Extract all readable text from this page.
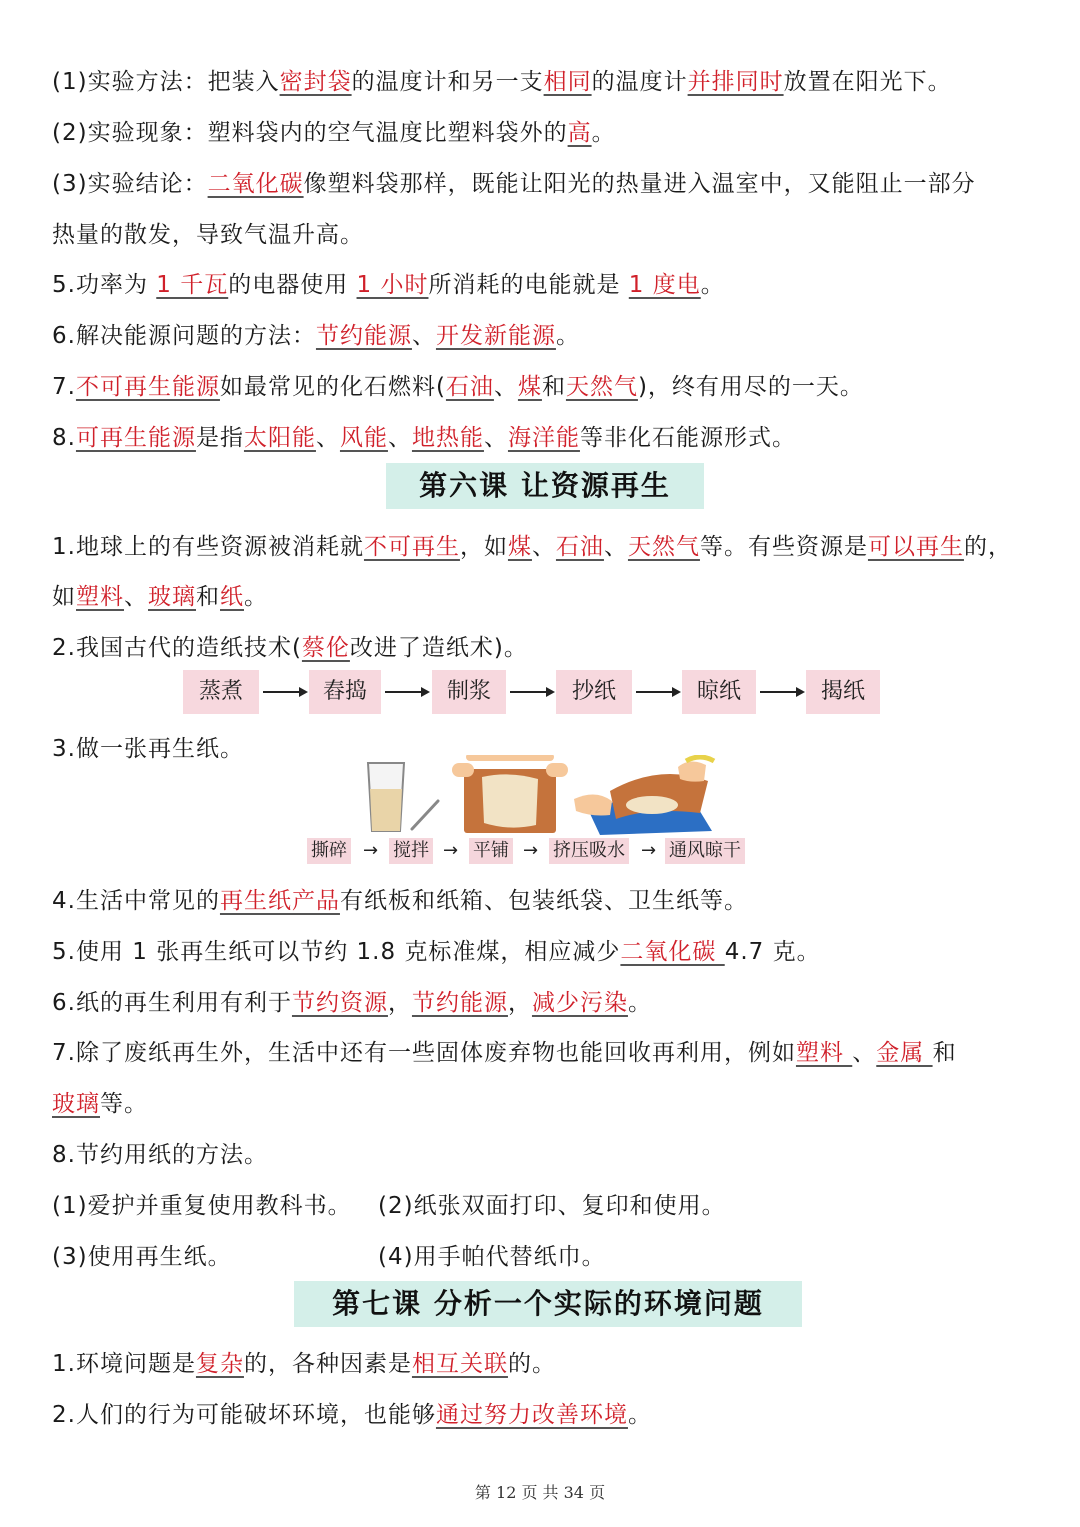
(1)实验方法：把装入密封袋的温度计和另一支相同的温度计并排同时放置在阳光下。
(2)实验现象：塑料袋内的空气温度比塑料袋外的高。
(3)实验结论：二氧化碳像塑料袋那样，既能让阳光的热量进入温室中，又能阻止一部分
热量的散发，导致气温升高。
5.功率为 1 千瓦的电器使用 1 小时所消耗的电能就是 1 度电。
6.解决能源问题的方法：节约能源、开发新能源。
7.不可再生能源如最常见的化石燃料(石油、煤和天然气)，终有用尽的一天。
8.可再生能源是指太阳能、风能、地热能、海洋能等非化石能源形式。
第六课 让资源再生
1.地球上的有些资源被消耗就不可再生，如煤、石油、天然气等。有些资源是可以再生的，
如塑料、玻璃和纸。
2.我国古代的造纸技术(蔡伦改进了造纸术)。
蒸煮	舂捣	制浆	抄纸	晾纸	揭纸
3.做一张再生纸。
撕碎 → 搅拌 → 平铺 → 挤压吸水 → 通风晾干
4.生活中常见的再生纸产品有纸板和纸箱、包装纸袋、卫生纸等。
5.使用 1 张再生纸可以节约 1.8 克标准煤，相应减少二氧化碳 4.7 克。
6.纸的再生利用有利于节约资源，节约能源，减少污染。
7.除了废纸再生外，生活中还有一些固体废弃物也能回收再利用，例如塑料 、金属 和
玻璃等。
8.节约用纸的方法。
(1)爱护并重复使用教科书。 (2)纸张双面打印、复印和使用。
(3)使用再生纸。	(4)用手帕代替纸巾。
第七课 分析一个实际的环境问题
1.环境问题是复杂的，各种因素是相互关联的。
2.人们的行为可能破坏环境，也能够通过努力改善环境。
第 12 页 共 34 页
